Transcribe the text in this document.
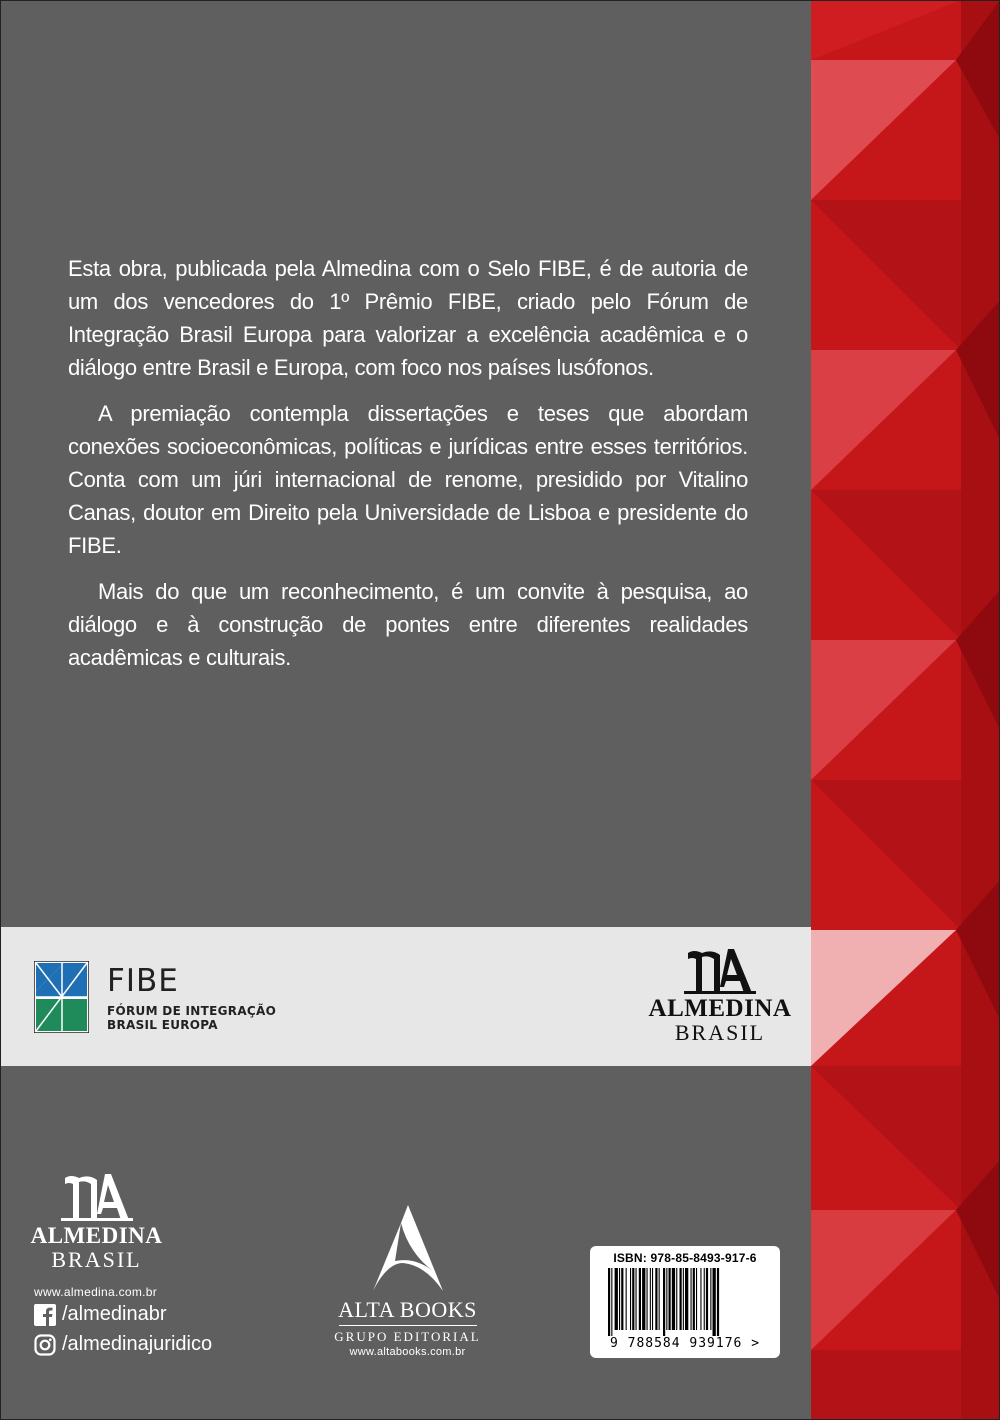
Esta obra, publicada pela Almedina com o Selo FIBE, é de autoria de um dos vencedores do 1º Prêmio FIBE, criado pelo Fórum de Integração Brasil Europa para valorizar a excelência acadêmica e o diálogo entre Brasil e Europa, com foco nos países lusófonos.

A premiação contempla dissertações e teses que abordam conexões socioeconômicas, políticas e jurídicas entre esses territórios. Conta com um júri internacional de renome, presidido por Vitalino Canas, doutor em Direito pela Universidade de Lisboa e presidente do FIBE.

Mais do que um reconhecimento, é um convite à pesquisa, ao diálogo e à construção de pontes entre diferentes realidades acadêmicas e culturais.

FIBE
FÓRUM DE INTEGRAÇÃO
BRASIL EUROPA
ALMEDINA
BRASIL
ALMEDINA
BRASIL
www.almedina.com.br
/almedinabr
/almedinajuridico
ALTA BOOKS
GRUPO EDITORIAL
www.altabooks.com.br
ISBN: 978-85-8493-917-6
9 788584 939176 >
